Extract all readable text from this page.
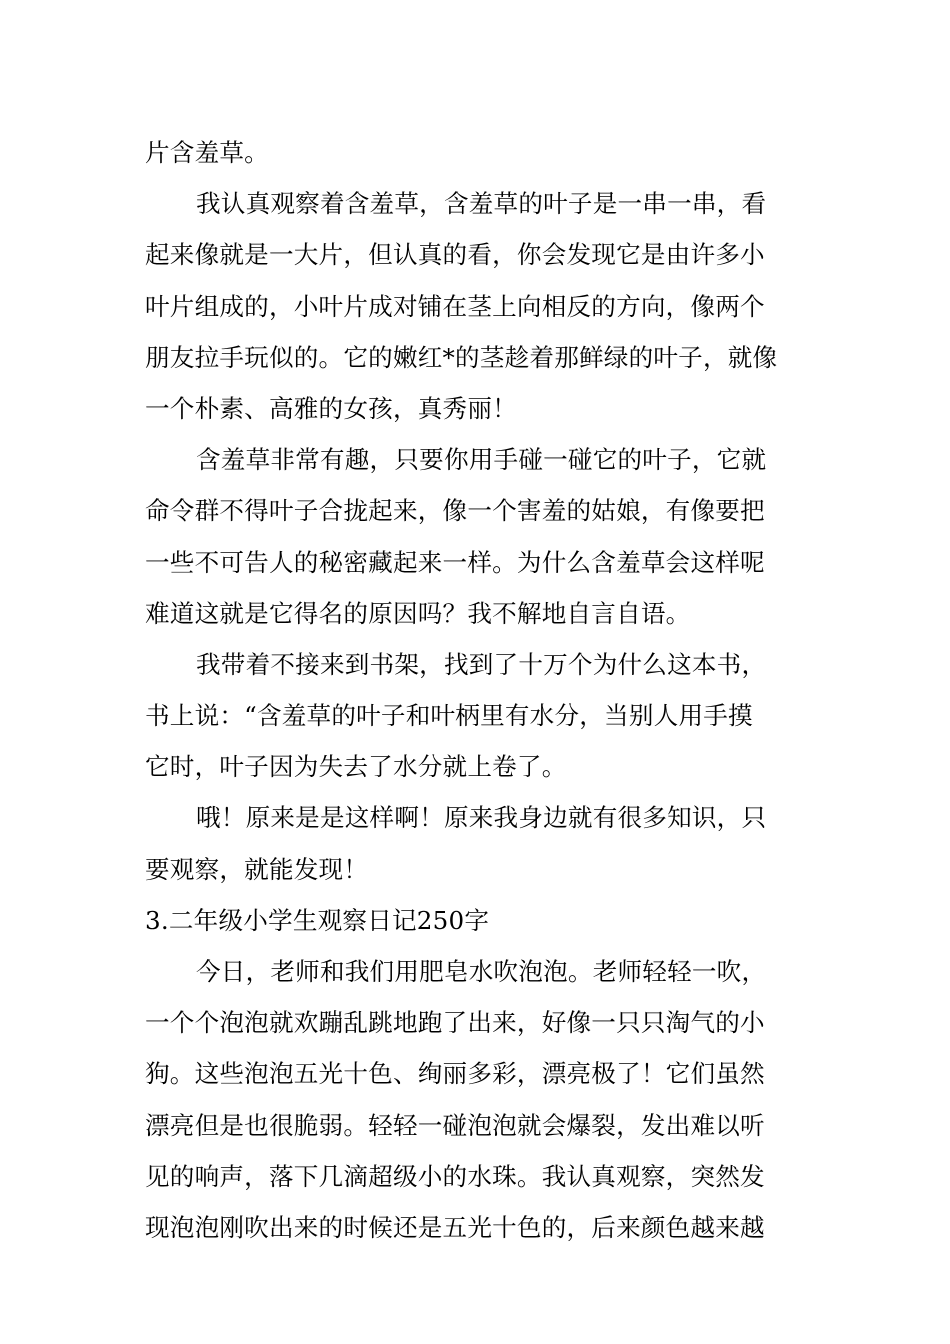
片含羞草。
我认真观察着含羞草，含羞草的叶子是一串一串，看
起来像就是一大片，但认真的看，你会发现它是由许多小
叶片组成的，小叶片成对铺在茎上向相反的方向，像两个
朋友拉手玩似的。它的嫩红*的茎趁着那鲜绿的叶子，就像
一个朴素、高雅的女孩，真秀丽！
含羞草非常有趣，只要你用手碰一碰它的叶子，它就
命令群不得叶子合拢起来，像一个害羞的姑娘，有像要把
一些不可告人的秘密藏起来一样。为什么含羞草会这样呢
难道这就是它得名的原因吗？我不解地自言自语。
我带着不接来到书架，找到了十万个为什么这本书，
书上说：“含羞草的叶子和叶柄里有水分，当别人用手摸
它时，叶子因为失去了水分就上卷了。
哦！原来是是这样啊！原来我身边就有很多知识，只
要观察，就能发现！
3.二年级小学生观察日记250字
今日，老师和我们用肥皂水吹泡泡。老师轻轻一吹，
一个个泡泡就欢蹦乱跳地跑了出来，好像一只只淘气的小
狗。这些泡泡五光十色、绚丽多彩，漂亮极了！它们虽然
漂亮但是也很脆弱。轻轻一碰泡泡就会爆裂，发出难以听
见的响声，落下几滴超级小的水珠。我认真观察，突然发
现泡泡刚吹出来的时候还是五光十色的，后来颜色越来越
